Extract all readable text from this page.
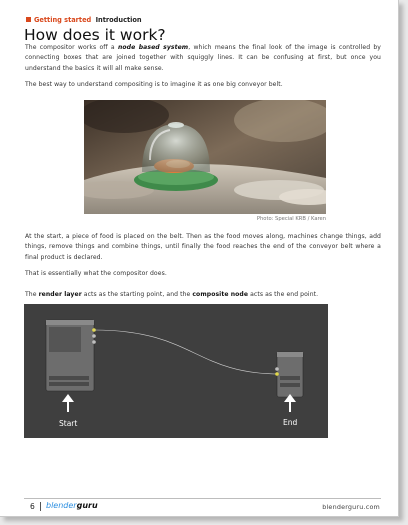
Getting started Introduction
How does it work?

The compositor works off a node based system, which means the final look of the image is controlled by connecting boxes that are joined together with squiggly lines. It can be confusing at first, but once you understand the basics it will all make sense.

The best way to understand compositing is to imagine it as one big conveyor belt.

Photo: Special KRB / Karen

At the start, a piece of food is placed on the belt. Then as the food moves along, machines change things, add things, remove things and combine things, until finally the food reaches the end of the conveyor belt where a final product is declared.

That is essentially what the compositor does.

The render layer acts as the starting point, and the composite node acts as the end point.

Start	End
6 blenderguru	blenderguru.com
